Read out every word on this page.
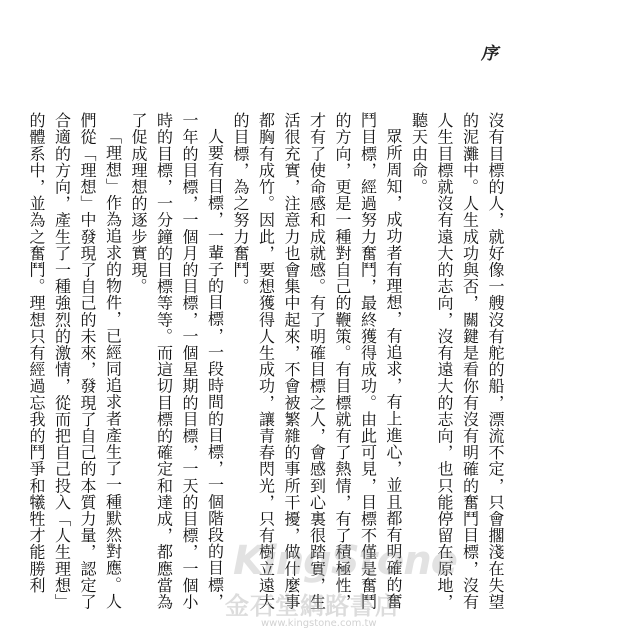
序

沒有目標的人，就好像一艘沒有舵的船，漂流不定，只會擱淺在失望的泥灘中。人生成功與否，關鍵是看你有沒有明確的奮鬥目標，沒有人生目標就沒有遠大的志向，沒有遠大的志向，也只能停留在原地，聽天由命。

眾所周知，成功者有理想，有追求，有上進心，並且都有明確的奮鬥目標，經過努力奮鬥，最終獲得成功。由此可見，目標不僅是奮鬥的方向，更是一種對自己的鞭策。有目標就有了熱情，有了積極性，才有了使命感和成就感。有了明確目標之人，會感到心裏很踏實，生活很充實，注意力也會集中起來，不會被繁雜的事所干擾，做什麼事都胸有成竹。因此，要想獲得人生成功，讓青春閃光，只有樹立遠大的目標，為之努力奮鬥。

人要有目標，一輩子的目標，一段時間的目標，一個階段的目標，一年的目標，一個月的目標，一個星期的目標，一天的目標，一個小時的目標，一分鐘的目標等等。而這切目標的確定和達成，都應當為了促成理想的逐步實現。

「理想」作為追求的物件，已經同追求者產生了一種默然對應。人們從「理想」中發現了自己的未來，發現了自己的本質力量，認定了合適的方向，產生了一種強烈的激情，從而把自己投入「人生理想」的體系中，並為之奮鬥。理想只有經過忘我的鬥爭和犧牲才能勝利	KingStone
金石堂網路書店
www.kingstone.com.tw
